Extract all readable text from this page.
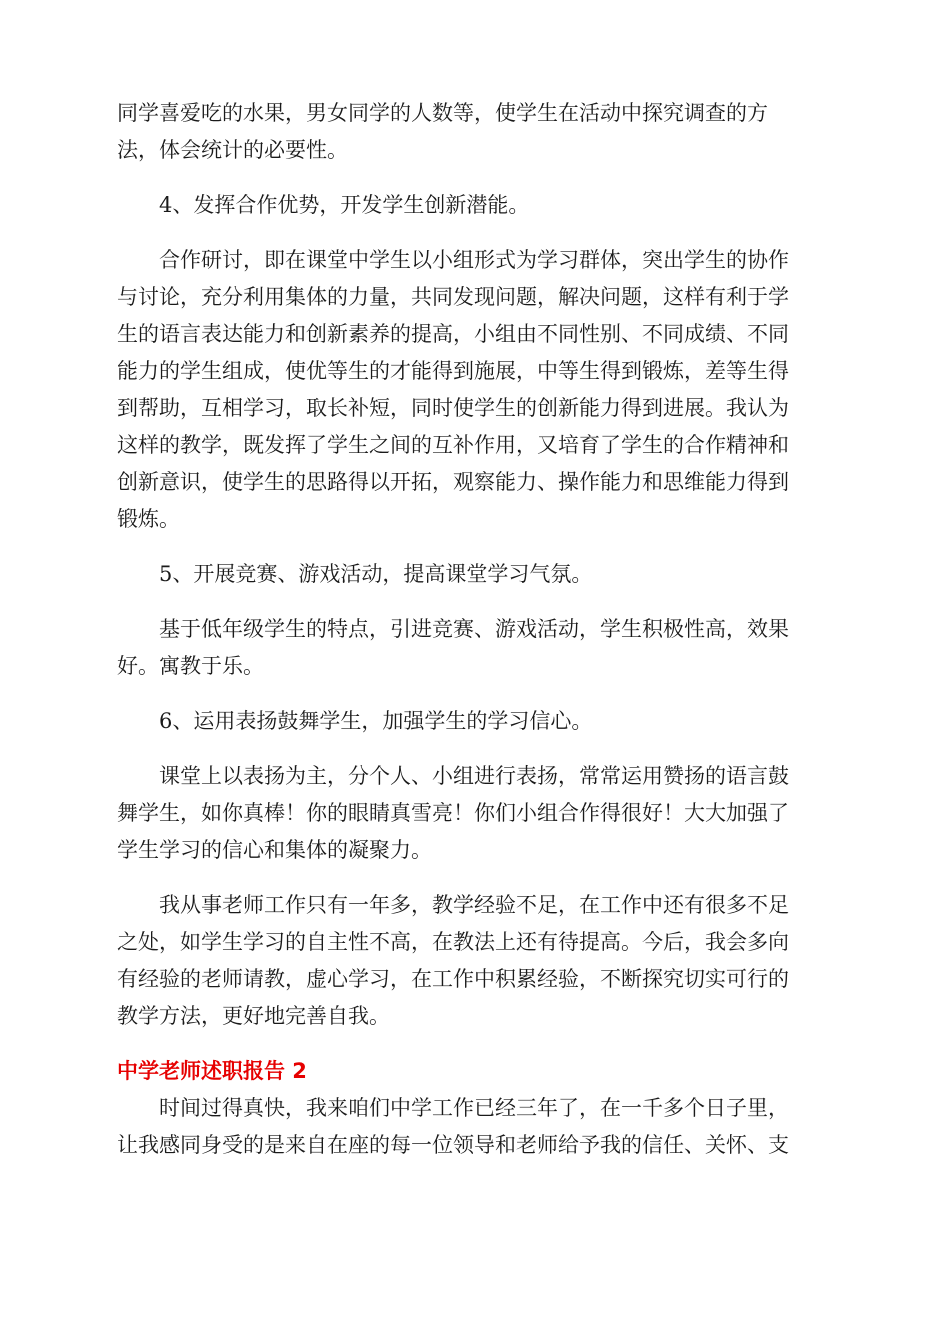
同学喜爱吃的水果，男女同学的人数等，使学生在活动中探究调查的方
法，体会统计的必要性。
4、发挥合作优势，开发学生创新潜能。
合作研讨，即在课堂中学生以小组形式为学习群体，突出学生的协作
与讨论，充分利用集体的力量，共同发现问题，解决问题，这样有利于学
生的语言表达能力和创新素养的提高，小组由不同性别、不同成绩、不同
能力的学生组成，使优等生的才能得到施展，中等生得到锻炼，差等生得
到帮助，互相学习，取长补短，同时使学生的创新能力得到进展。我认为
这样的教学，既发挥了学生之间的互补作用，又培育了学生的合作精神和
创新意识，使学生的思路得以开拓，观察能力、操作能力和思维能力得到
锻炼。
5、开展竞赛、游戏活动，提高课堂学习气氛。
基于低年级学生的特点，引进竞赛、游戏活动，学生积极性高，效果
好。寓教于乐。
6、运用表扬鼓舞学生，加强学生的学习信心。
课堂上以表扬为主，分个人、小组进行表扬，常常运用赞扬的语言鼓
舞学生，如你真棒！你的眼睛真雪亮！你们小组合作得很好！大大加强了
学生学习的信心和集体的凝聚力。
我从事老师工作只有一年多，教学经验不足，在工作中还有很多不足
之处，如学生学习的自主性不高，在教法上还有待提高。今后，我会多向
有经验的老师请教，虚心学习，在工作中积累经验，不断探究切实可行的
教学方法，更好地完善自我。
中学老师述职报告 2
时间过得真快，我来咱们中学工作已经三年了，在一千多个日子里，
让我感同身受的是来自在座的每一位领导和老师给予我的信任、关怀、支
